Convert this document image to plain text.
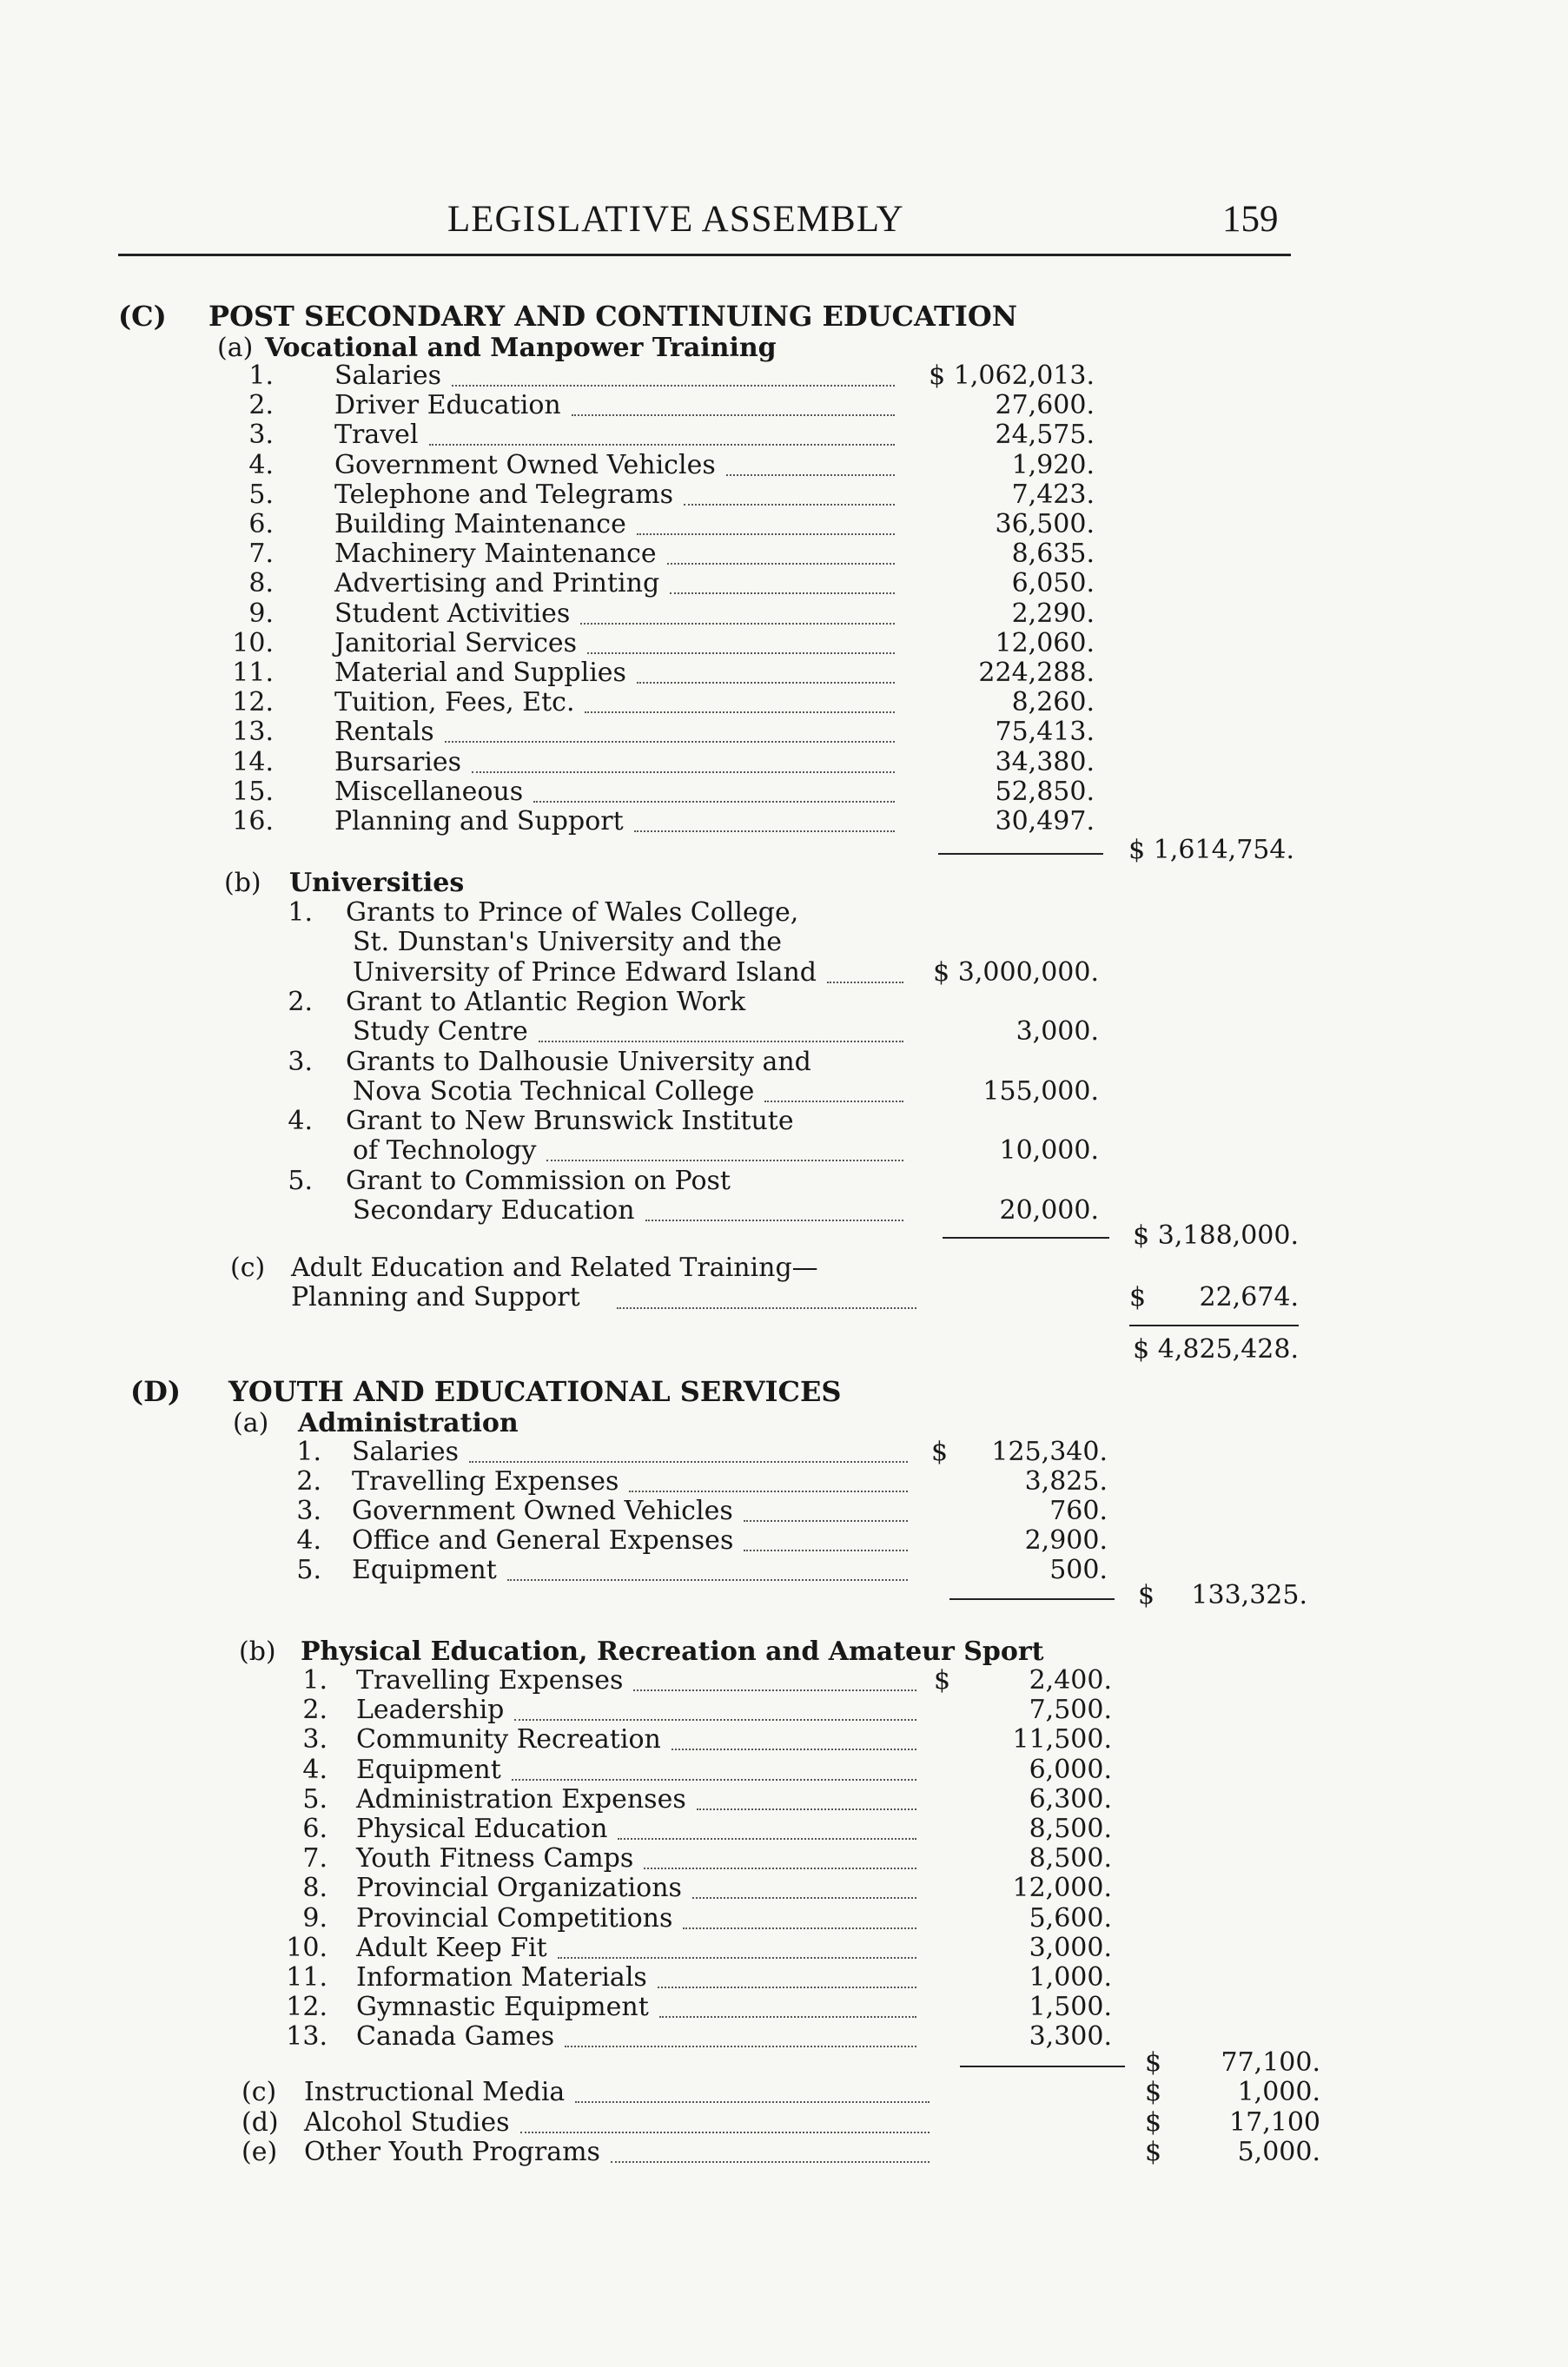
LEGISLATIVE ASSEMBLY	159
(C) POST SECONDARY AND CONTINUING EDUCATION
(a) Vocational and Manpower Training
1. Salaries	$ 1,062,013.
2. Driver Education	27,600.
3. Travel	24,575.
4. Government Owned Vehicles	1,920.
5. Telephone and Telegrams	7,423.
6. Building Maintenance	36,500.
7. Machinery Maintenance	8,635.
8. Advertising and Printing	6,050.
9. Student Activities	2,290.
10. Janitorial Services	12,060.
11. Material and Supplies	224,288.
12. Tuition, Fees, Etc.	8,260.
13. Rentals	75,413.
14. Bursaries	34,380.
15. Miscellaneous	52,850.
16. Planning and Support	30,497.
$ 1,614,754.
(b) Universities
1. Grants to Prince of Wales College,
St. Dunstan's University and the
University of Prince Edward Island	$ 3,000,000.
2. Grant to Atlantic Region Work
Study Centre	3,000.
3. Grants to Dalhousie University and
Nova Scotia Technical College	155,000.
4. Grant to New Brunswick Institute
of Technology	10,000.
5. Grant to Commission on Post
Secondary Education	20,000.
$ 3,188,000.
(c) Adult Education and Related Training—
Planning and Support	$	22,674.
$ 4,825,428.
(D) YOUTH AND EDUCATIONAL SERVICES
(a) Administration
1. Salaries	$	125,340.
2. Travelling Expenses	3,825.
3. Government Owned Vehicles	760.
4. Office and General Expenses	2,900.
5. Equipment	500.
$	133,325.
(b) Physical Education, Recreation and Amateur Sport
1. Travelling Expenses	$	2,400.
2. Leadership	7,500.
3. Community Recreation	11,500.
4. Equipment	6,000.
5. Administration Expenses	6,300.
6. Physical Education	8,500.
7. Youth Fitness Camps	8,500.
8. Provincial Organizations	12,000.
9. Provincial Competitions	5,600.
10. Adult Keep Fit	3,000.
11. Information Materials	1,000.
12. Gymnastic Equipment	1,500.
13. Canada Games	3,300.
$	77,100.
(c) Instructional Media	$	1,000.
(d) Alcohol Studies	$	17,100
(e) Other Youth Programs	$	5,000.
